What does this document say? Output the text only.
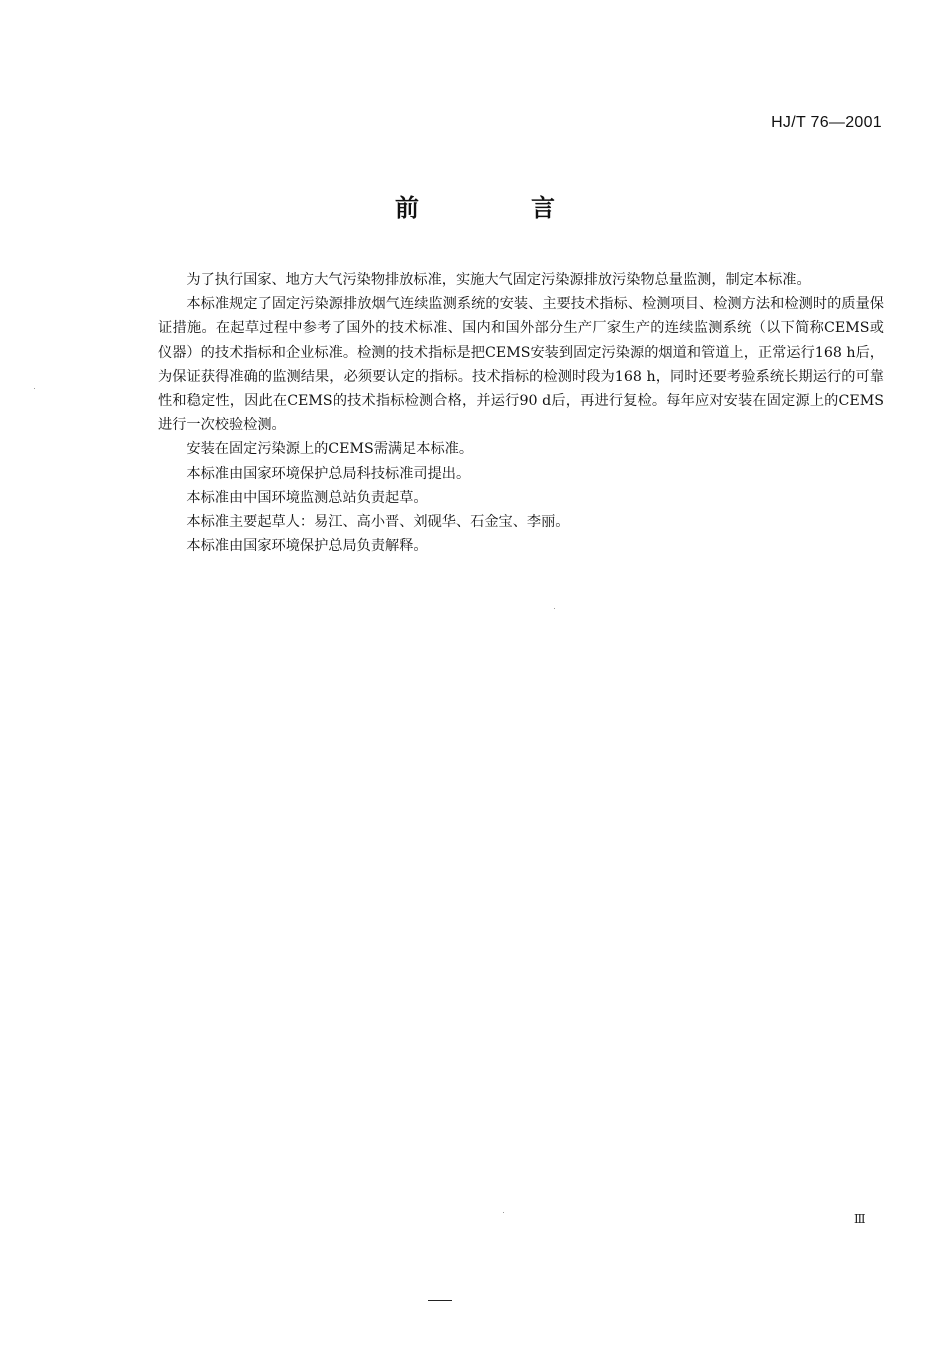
HJ/T 76—2001
前　言

为了执行国家、地方大气污染物排放标准，实施大气固定污染源排放污染物总量监测，制定本标准。

本标准规定了固定污染源排放烟气连续监测系统的安装、主要技术指标、检测项目、检测方法和检测时的质量保证措施。在起草过程中参考了国外的技术标准、国内和国外部分生产厂家生产的连续监测系统（以下简称CEMS或仪器）的技术指标和企业标准。检测的技术指标是把CEMS安装到固定污染源的烟道和管道上，正常运行168 h后，为保证获得准确的监测结果，必须要认定的指标。技术指标的检测时段为168 h，同时还要考验系统长期运行的可靠性和稳定性，因此在CEMS的技术指标检测合格，并运行90 d后，再进行复检。每年应对安装在固定源上的CEMS进行一次校验检测。

安装在固定污染源上的CEMS需满足本标准。

本标准由国家环境保护总局科技标准司提出。

本标准由中国环境监测总站负责起草。

本标准主要起草人：易江、高小晋、刘砚华、石金宝、李丽。

本标准由国家环境保护总局负责解释。

Ⅲ
